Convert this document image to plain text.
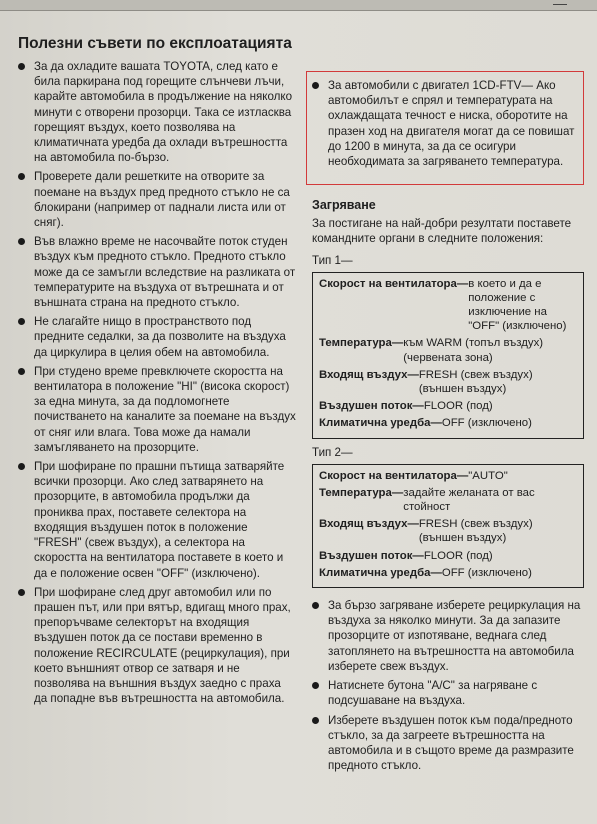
Полезни съвети по експлоатацията
За да охладите вашата TOYOTA, след като е била паркирана под горещите слънчеви лъчи, карайте автомобила в продължение на няколко минути с отворени прозорци. Така се изтласква горещият въздух, което позволява на климатичната уредба да охлади вътрешността на автомобила по-бързо.
Проверете дали решетките на отворите за поемане на въздух пред предното стъкло не са блокирани (например от паднали листа или от сняг).
Във влажно време не насочвайте поток студен въздух към предното стъкло. Предното стъкло може да се замъгли вследствие на разликата от температурите на въздуха от вътрешната и от външната страна на предното стъкло.
Не слагайте нищо в пространството под предните седалки, за да позволите на въздуха да циркулира в целия обем на автомобила.
При студено време превключете скоростта на вентилатора в положение "HI" (висока скорост) за една минута, за да подломогнете почистването на каналите за поемане на въздух от сняг или влага. Това може да намали замъгляването на прозорците.
При шофиране по прашни пътища затваряйте всички прозорци. Ако след затварянето на прозорците, в автомобила продължи да прониква прах, поставете селектора на входящия въздушен поток в положение "FRESH" (свеж въздух), а селектора на скоростта на вентилатора поставете в което и да е положение освен "OFF" (изключено).
При шофиране след друг автомобил или по прашен път, или при вятър, вдигащ много прах, препоръчваме селекторът на входящия въздушен поток да се постави временно в положение RECIRCULATE (рециркулация), при което външният отвор се затваря и не позволява на външния въздух заедно с праха да попадне във вътрешността на автомобила.
За автомобили с двигател 1CD-FTV— Ако автомобилът е спрял и температурата на охлаждащата течност е ниска, оборотите на празен ход на двигателя могат да се повишат до 1200 в минута, за да се осигури необходимата за загряването температура.
Загряване

За постигане на най-добри резултати поставете командните органи в следните положения:

Тип 1—
Скорост на вентилатора— в което и да е положение с изключение на "OFF" (изключено)
Температура— към WARM (топъл въздух) (червената зона)
Входящ въздух— FRESH (свеж въздух) (външен въздух)
Въздушен поток— FLOOR (под)
Климатична уредба— OFF (изключено)
Тип 2—
Скорост на вентилатора— "AUTO"
Температура— задайте желаната от вас стойност
Входящ въздух— FRESH (свеж въздух) (външен въздух)
Въздушен поток— FLOOR (под)
Климатична уредба— OFF (изключено)
За бързо загряване изберете рециркулация на въздуха за няколко минути. За да запазите прозорците от изпотяване, веднага след затоплянето на вътрешността на автомобила изберете свеж въздух.
Натиснете бутона "A/C" за нагряване с подсушаване на въздуха.
Изберете въздушен поток към пода/предното стъкло, за да загреете вътрешността на автомобила и в същото време да размразите предното стъкло.
